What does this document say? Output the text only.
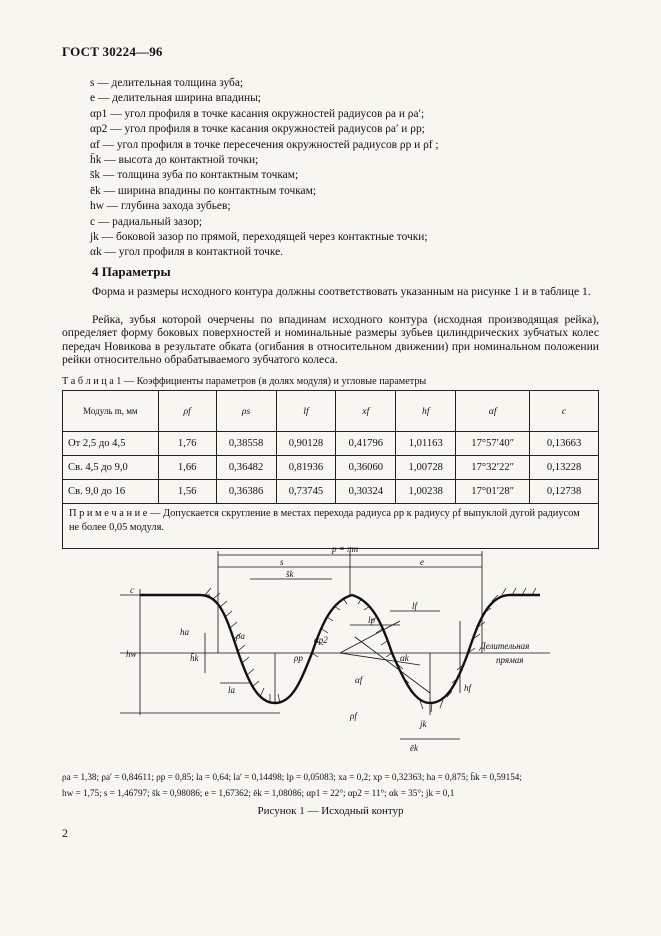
ГОСТ 30224—96
s — делительная толщина зуба;
e — делительная ширина впадины;
αp1 — угол профиля в точке касания окружностей радиусов ρa и ρa′;
αp2 — угол профиля в точке касания окружностей радиусов ρa′ и ρp;
αf — угол профиля в точке пересечения окружностей радиусов ρp и ρf ;
h̄k — высота до контактной точки;
s̄k — толщина зуба по контактным точкам;
ēk — ширина впадины по контактным точкам;
hw — глубина захода зубьев;
c — радиальный зазор;
jk — боковой зазор по прямой, переходящей через контактные точки;
αk — угол профиля в контактной точке.
4 Параметры
Форма и размеры исходного контура должны соответствовать указанным на рисунке 1 и в таблице 1.
Рейка, зубья которой очерчены по впадинам исходного контура (исходная производящая рейка), определяет форму боковых поверхностей и номинальные размеры зубьев цилиндрических зубчатых колес передач Новикова в результате обката (огибания в относительном движении) при номинальном положении рейки относительно обрабатываемого зубчатого колеса.
Т а б л и ц а 1 — Коэффициенты параметров (в долях модуля) и угловые параметры
Модуль m, мм	ρf	ρs	lf	xf	hf	αf	c
От 2,5 до 4,5	1,76	0,38558	0,90128	0,41796	1,01163	17°57′40″	0,13663
Св. 4,5 до 9,0	1,66	0,36482	0,81936	0,36060	1,00728	17°32′22″	0,13228
Св. 9,0 до 16	1,56	0,36386	0,73745	0,30324	1,00238	17°01′28″	0,12738
П р и м е ч а н и е — Допускается скругление в местах перехода радиуса ρp к радиусу ρf выпуклой дугой радиусом не более 0,05 модуля.							
p = πm
s	e
s̄k
ēk
lp
lf
la
αp2
αk
αf
ρa
ρp
ρf
hw
hf
ha
h̄k
jk
c
Делительная
прямая
ρa = 1,38; ρa′ = 0,84611; ρp = 0,85; la = 0,64; la′ = 0,14498; lp = 0,05083; xa = 0,2; xp = 0,32363; ha = 0,875; h̄k = 0,59154;
hw = 1,75; s = 1,46797; s̄k = 0,98086; e = 1,67362; ēk = 1,08086; αp1 = 22°; αp2 = 11°; αk = 35°; jk = 0,1
Рисунок 1 — Исходный контур
2
